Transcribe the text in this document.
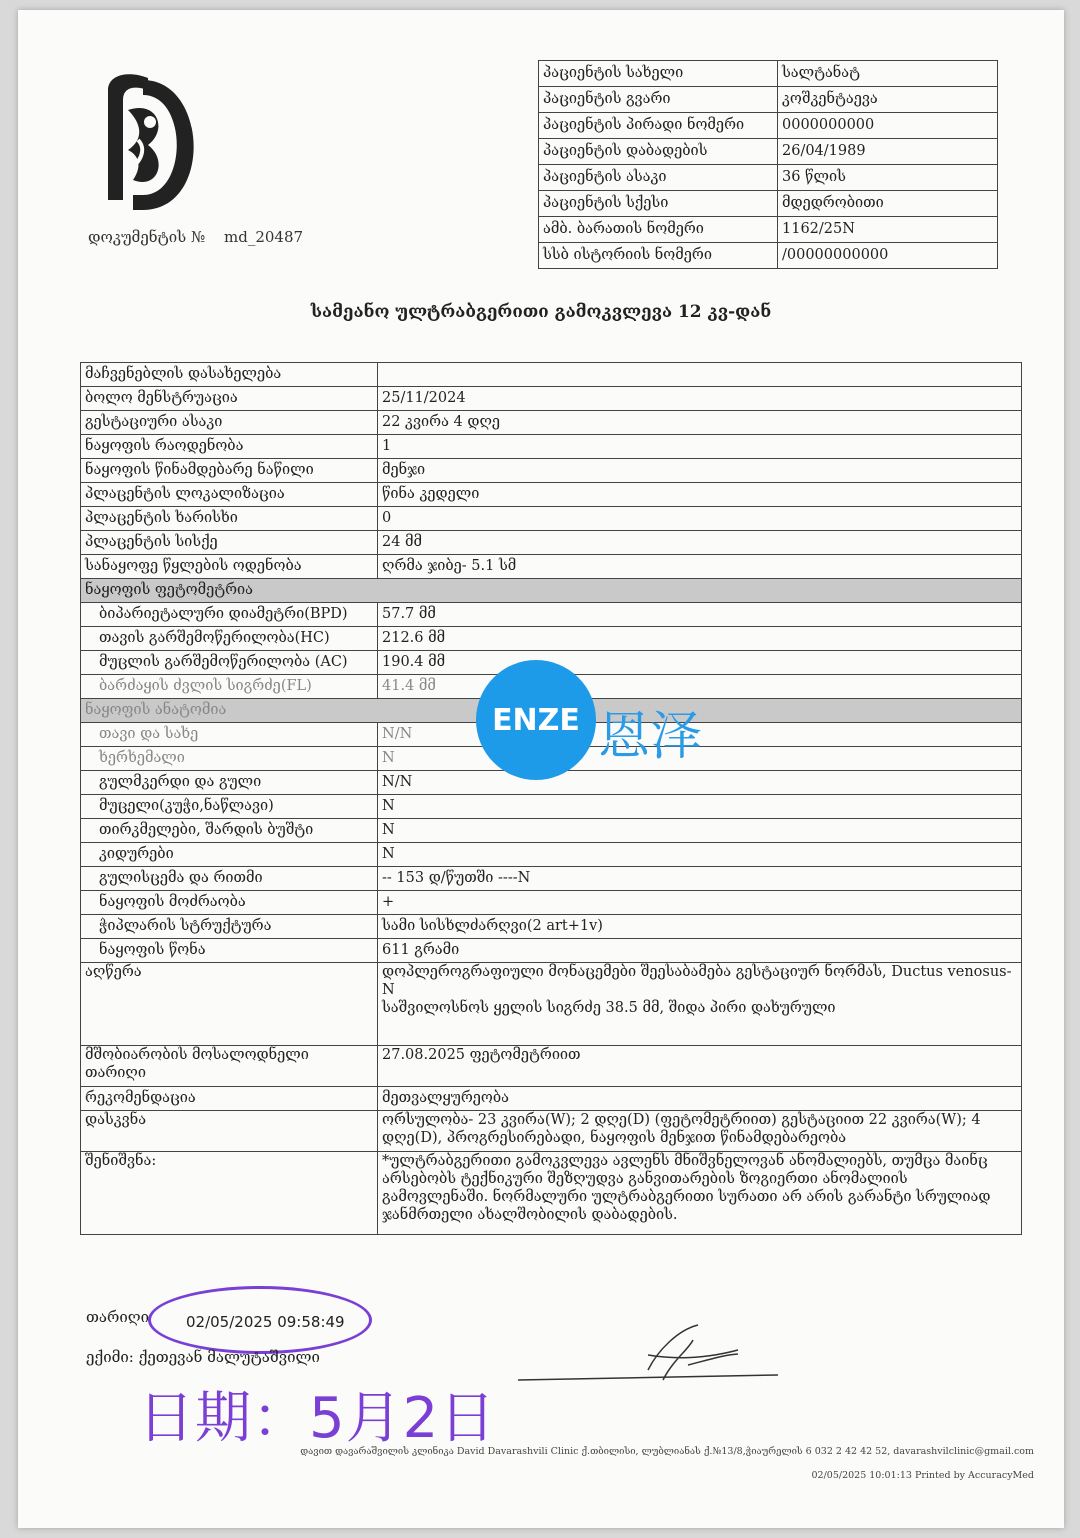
დოკუმენტის № md_20487
პაციენტის სახელი	სალტანატ
პაციენტის გვარი	კოშკენტაევა
პაციენტის პირადი ნომერი	0000000000
პაციენტის დაბადების	26/04/1989
პაციენტის ასაკი	36 წლის
პაციენტის სქესი	მდედრობითი
ამბ. ბარათის ნომერი	1162/25N
სსბ ისტორიის ნომერი	/00000000000
სამეანო ულტრაბგერითი გამოკვლევა 12 კვ-დან
მაჩვენებლის დასახელება	
ბოლო მენსტრუაცია	25/11/2024
გესტაციური ასაკი	22 კვირა 4 დღე
ნაყოფის რაოდენობა	1
ნაყოფის წინამდებარე ნაწილი	მენჯი
პლაცენტის ლოკალიზაცია	წინა კედელი
პლაცენტის ხარისხი	0
პლაცენტის სისქე	24 მმ
სანაყოფე წყლების ოდენობა	ღრმა ჯიბე- 5.1 სმ
ნაყოფის ფეტომეტრია	
ბიპარიეტალური დიამეტრი(BPD)	57.7 მმ
თავის გარშემოწერილობა(HC)	212.6 მმ
მუცლის გარშემოწერილობა (AC)	190.4 მმ
ბარძაყის ძვლის სიგრძე(FL)	41.4 მმ
ნაყოფის ანატომია	
თავი და სახე	N/N
ხერხემალი	N
გულმკერდი და გული	N/N
მუცელი(კუჭი,ნაწლავი)	N
თირკმელები, შარდის ბუშტი	N
კიდურები	N
გულისცემა და რითმი	-- 153 დ/წუთში ----N
ნაყოფის მოძრაობა	+
ჭიპლარის სტრუქტურა	სამი სისხლძარღვი(2 art+1v)
ნაყოფის წონა	611 გრამი
აღწერა	დოპლეროგრაფიული მონაცემები შეესაბამება გესტაციურ ნორმას, Ductus venosus-N
საშვილოსნოს ყელის სიგრძე 38.5 მმ, შიდა პირი დახურული

მშობიარობის მოსალოდნელი თარიღი	27.08.2025 ფეტომეტრიით
რეკომენდაცია	მეთვალყურეობა
დასკვნა	ორსულობა- 23 კვირა(W); 2 დღე(D) (ფეტომეტრიით) გესტაციით 22 კვირა(W); 4 დღე(D), პროგრესირებადი, ნაყოფის მენჯით წინამდებარეობა
შენიშვნა:	*ულტრაბგერითი გამოკვლევა ავლენს მნიშვნელოვან ანომალიებს, თუმცა მაინც არსებობს ტექნიკური შეზღუდვა განვითარების ზოგიერთი ანომალიის გამოვლენაში. ნორმალური ულტრაბგერითი სურათი არ არის გარანტი სრულიად ჯანმრთელი ახალშობილის დაბადების.
ENZE 恩泽
თარიღი 02/05/2025 09:58:49
ექიმი: ქეთევან მალუტაშვილი
日期：5月2日
დავით დავარაშვილის კლინიკა David Davarashvili Clinic ქ.თბილისი, ლუბლიანას ქ.№13/8,ჭიაურელის 6 032 2 42 42 52, davarashvilclinic@gmail.com
02/05/2025 10:01:13 Printed by AccuracyMed
